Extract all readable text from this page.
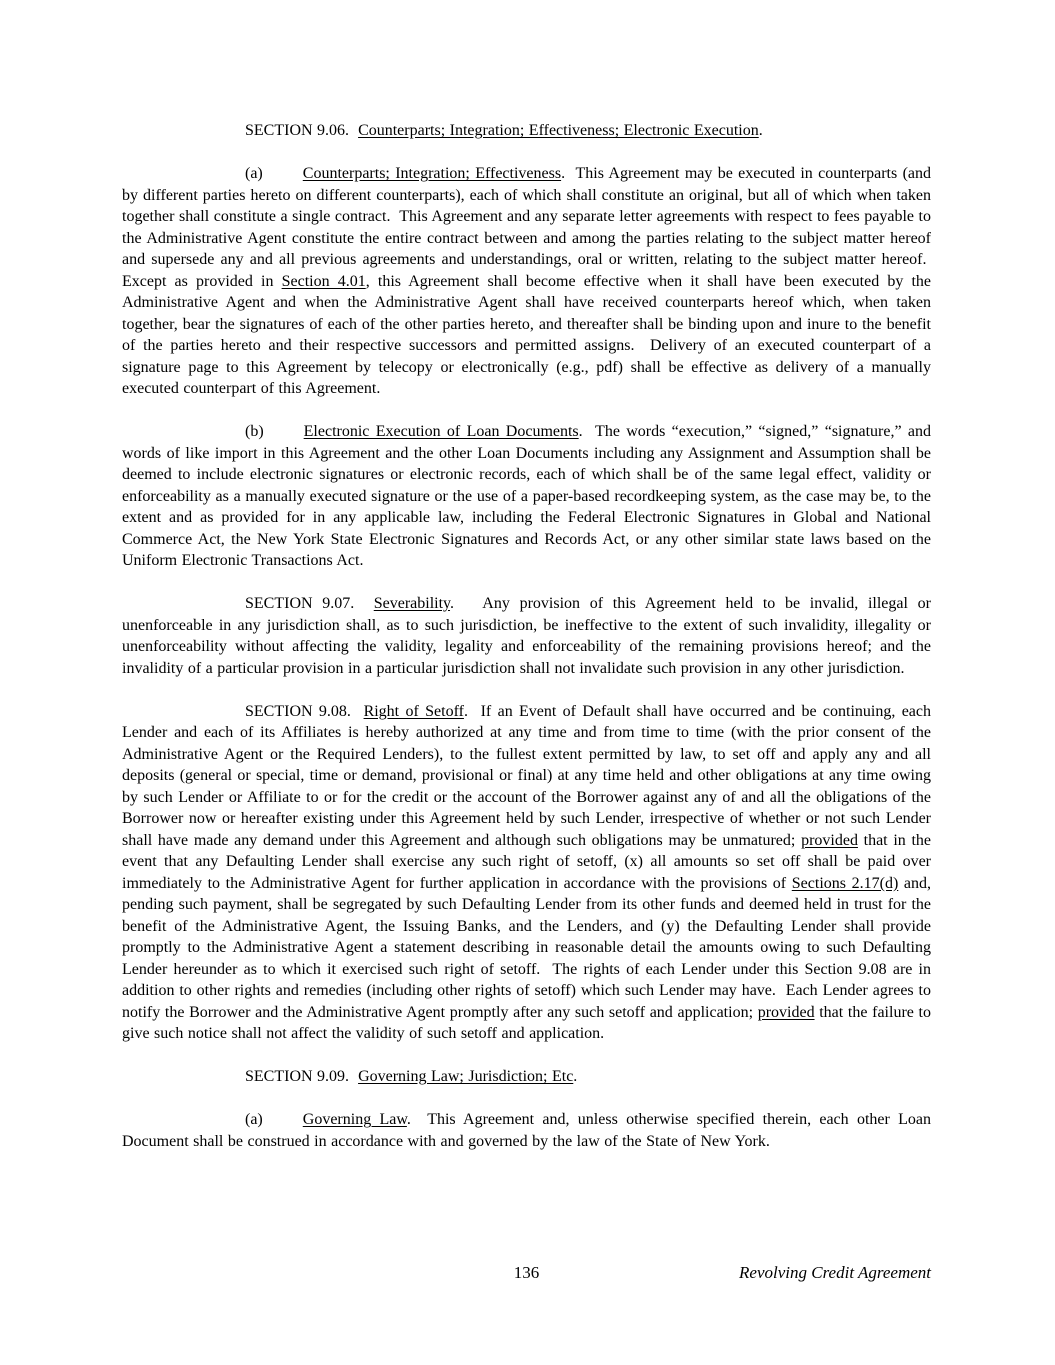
SECTION 9.06.  Counterparts; Integration; Effectiveness; Electronic Execution.

(a)	Counterparts; Integration; Effectiveness.  This Agreement may be executed in counterparts (and by different parties hereto on different counterparts), each of which shall constitute an original, but all of which when taken together shall constitute a single contract.  This Agreement and any separate letter agreements with respect to fees payable to the Administrative Agent constitute the entire contract between and among the parties relating to the subject matter hereof and supersede any and all previous agreements and understandings, oral or written, relating to the subject matter hereof.  Except as provided in Section 4.01, this Agreement shall become effective when it shall have been executed by the Administrative Agent and when the Administrative Agent shall have received counterparts hereof which, when taken together, bear the signatures of each of the other parties hereto, and thereafter shall be binding upon and inure to the benefit of the parties hereto and their respective successors and permitted assigns.  Delivery of an executed counterpart of a signature page to this Agreement by telecopy or electronically (e.g., pdf) shall be effective as delivery of a manually executed counterpart of this Agreement.

(b)	Electronic Execution of Loan Documents.  The words “execution,” “signed,” “signature,” and words of like import in this Agreement and the other Loan Documents including any Assignment and Assumption shall be deemed to include electronic signatures or electronic records, each of which shall be of the same legal effect, validity or enforceability as a manually executed signature or the use of a paper-based recordkeeping system, as the case may be, to the extent and as provided for in any applicable law, including the Federal Electronic Signatures in Global and National Commerce Act, the New York State Electronic Signatures and Records Act, or any other similar state laws based on the Uniform Electronic Transactions Act.

SECTION 9.07.  Severability.   Any provision of this Agreement held to be invalid, illegal or unenforceable in any jurisdiction shall, as to such jurisdiction, be ineffective to the extent of such invalidity, illegality or unenforceability without affecting the validity, legality and enforceability of the remaining provisions hereof; and the invalidity of a particular provision in a particular jurisdiction shall not invalidate such provision in any other jurisdiction.

SECTION 9.08.  Right of Setoff.  If an Event of Default shall have occurred and be continuing, each Lender and each of its Affiliates is hereby authorized at any time and from time to time (with the prior consent of the Administrative Agent or the Required Lenders), to the fullest extent permitted by law, to set off and apply any and all deposits (general or special, time or demand, provisional or final) at any time held and other obligations at any time owing by such Lender or Affiliate to or for the credit or the account of the Borrower against any of and all the obligations of the Borrower now or hereafter existing under this Agreement held by such Lender, irrespective of whether or not such Lender shall have made any demand under this Agreement and although such obligations may be unmatured; provided that in the event that any Defaulting Lender shall exercise any such right of setoff, (x) all amounts so set off shall be paid over immediately to the Administrative Agent for further application in accordance with the provisions of Sections 2.17(d) and, pending such payment, shall be segregated by such Defaulting Lender from its other funds and deemed held in trust for the benefit of the Administrative Agent, the Issuing Banks, and the Lenders, and (y) the Defaulting Lender shall provide promptly to the Administrative Agent a statement describing in reasonable detail the amounts owing to such Defaulting Lender hereunder as to which it exercised such right of setoff.  The rights of each Lender under this Section 9.08 are in addition to other rights and remedies (including other rights of setoff) which such Lender may have.  Each Lender agrees to notify the Borrower and the Administrative Agent promptly after any such setoff and application; provided that the failure to give such notice shall not affect the validity of such setoff and application.

SECTION 9.09.  Governing Law; Jurisdiction; Etc.

(a)	Governing Law.  This Agreement and, unless otherwise specified therein, each other Loan Document shall be construed in accordance with and governed by the law of the State of New York.

136	Revolving Credit Agreement
